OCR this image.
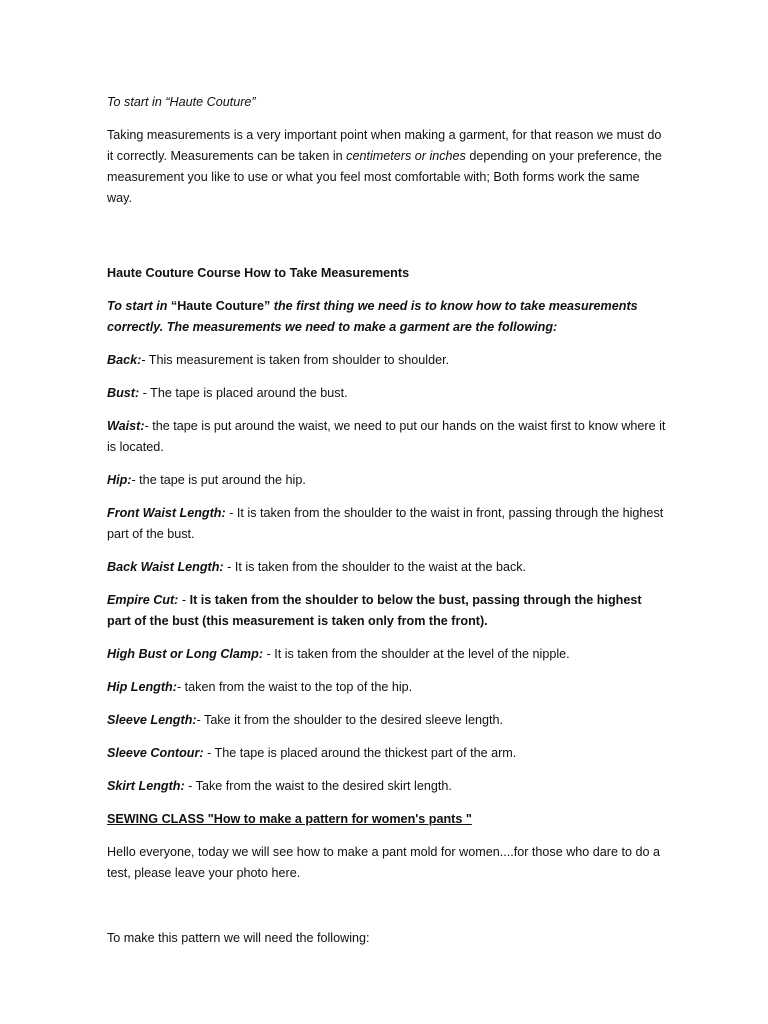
To start in “Haute Couture”

Taking measurements is a very important point when making a garment, for that reason we must do it correctly. Measurements can be taken in centimeters or inches depending on your preference, the measurement you like to use or what you feel most comfortable with; Both forms work the same way.

Haute Couture Course How to Take Measurements

To start in “Haute Couture” the first thing we need is to know how to take measurements correctly. The measurements we need to make a garment are the following:

Back:- This measurement is taken from shoulder to shoulder.

Bust: - The tape is placed around the bust.

Waist:- the tape is put around the waist, we need to put our hands on the waist first to know where it is located.

Hip:- the tape is put around the hip.

Front Waist Length: - It is taken from the shoulder to the waist in front, passing through the highest part of the bust.

Back Waist Length: - It is taken from the shoulder to the waist at the back.

Empire Cut: - It is taken from the shoulder to below the bust, passing through the highest part of the bust (this measurement is taken only from the front).

High Bust or Long Clamp: - It is taken from the shoulder at the level of the nipple.

Hip Length:- taken from the waist to the top of the hip.

Sleeve Length:- Take it from the shoulder to the desired sleeve length.

Sleeve Contour: - The tape is placed around the thickest part of the arm.

Skirt Length: - Take from the waist to the desired skirt length.

SEWING CLASS "How to make a pattern for women's pants "

Hello everyone, today we will see how to make a pant mold for women....for those who dare to do a test, please leave your photo here.

To make this pattern we will need the following:
